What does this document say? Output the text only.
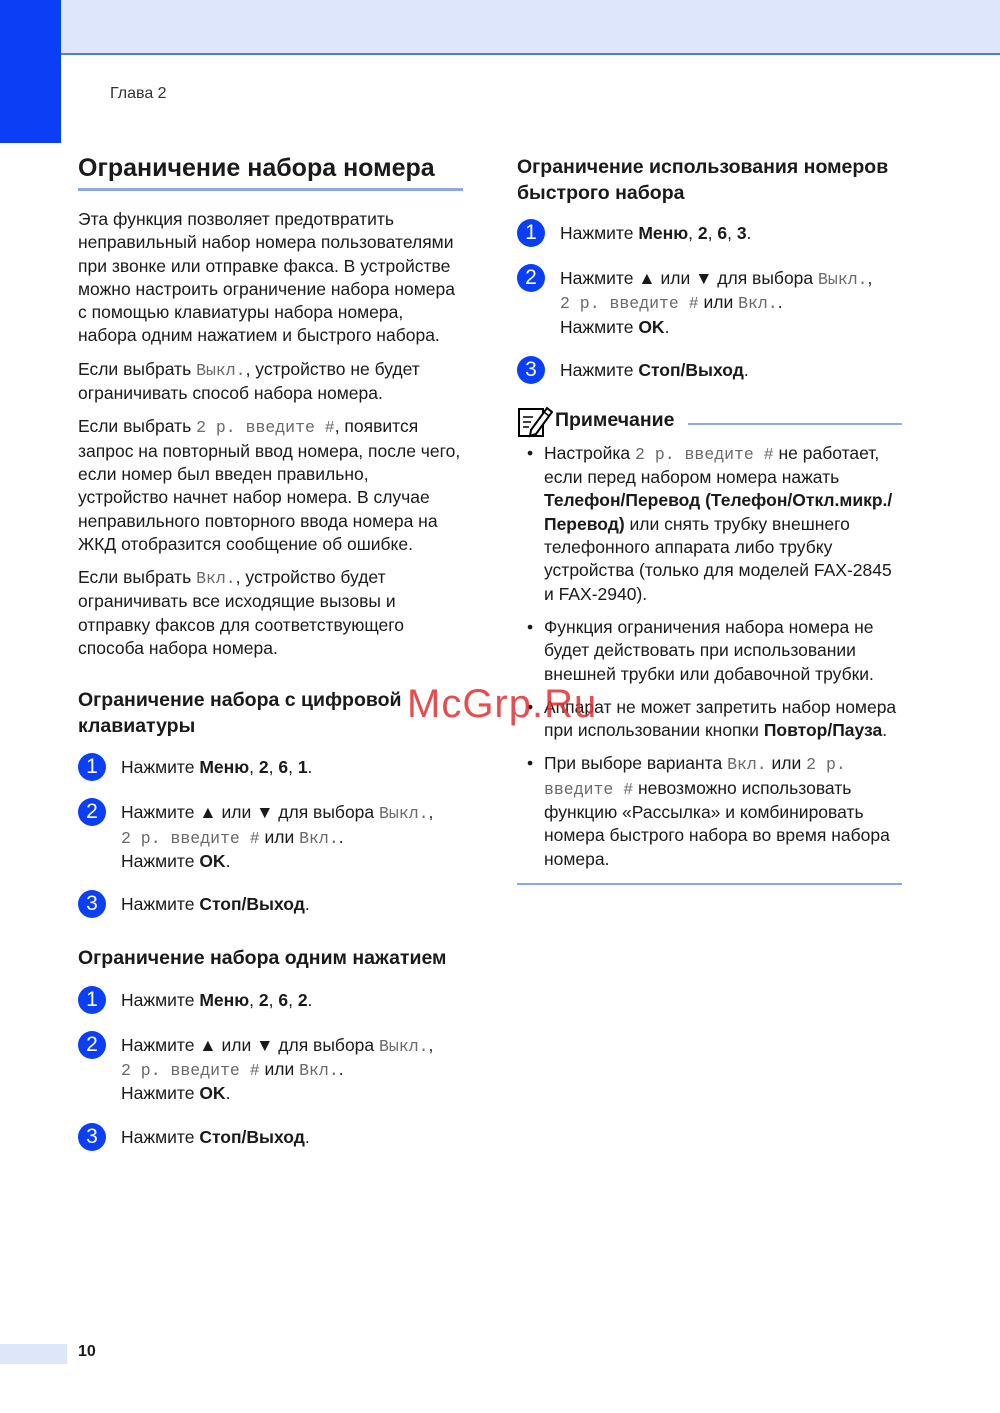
Глава 2
Ограничение набора номера

Эта функция позволяет предотвратить неправильный набор номера пользователями при звонке или отправке факса. В устройстве можно настроить ограничение набора номера с помощью клавиатуры набора номера, набора одним нажатием и быстрого набора.

Если выбрать Выкл., устройство не будет ограничивать способ набора номера.

Если выбрать 2 р. введите #, появится запрос на повторный ввод номера, после чего, если номер был введен правильно, устройство начнет набор номера. В случае неправильного повторного ввода номера на ЖКД отобразится сообщение об ошибке.

Если выбрать Вкл., устройство будет ограничивать все исходящие вызовы и отправку факсов для соответствующего способа набора номера.

Ограничение набора с цифровой клавиатуры
1	Нажмите Меню, 2, 6, 1.
2	Нажмите ▲ или ▼ для выбора Выкл.,
2 р. введите # или Вкл..
Нажмите OK.
3	Нажмите Стоп/Выход.
Ограничение набора одним нажатием
1	Нажмите Меню, 2, 6, 2.
2	Нажмите ▲ или ▼ для выбора Выкл.,
2 р. введите # или Вкл..
Нажмите OK.
3	Нажмите Стоп/Выход.
Ограничение использования номеров быстрого набора
1	Нажмите Меню, 2, 6, 3.
2	Нажмите ▲ или ▼ для выбора Выкл.,
2 р. введите # или Вкл..
Нажмите OK.
3	Нажмите Стоп/Выход.
Примечание
• Настройка 2 р. введите # не работает, если перед набором номера нажать Телефон/Перевод (Телефон/Откл.микр./Перевод) или снять трубку внешнего телефонного аппарата либо трубку устройства (только для моделей FAX-2845 и FAX-2940).
• Функция ограничения набора номера не будет действовать при использовании внешней трубки или добавочной трубки.
• Аппарат не может запретить набор номера при использовании кнопки Повтор/Пауза.
• При выборе варианта Вкл. или 2 р. введите # невозможно использовать функцию «Рассылка» и комбинировать номера быстрого набора во время набора номера.
McGrp.Ru
10
